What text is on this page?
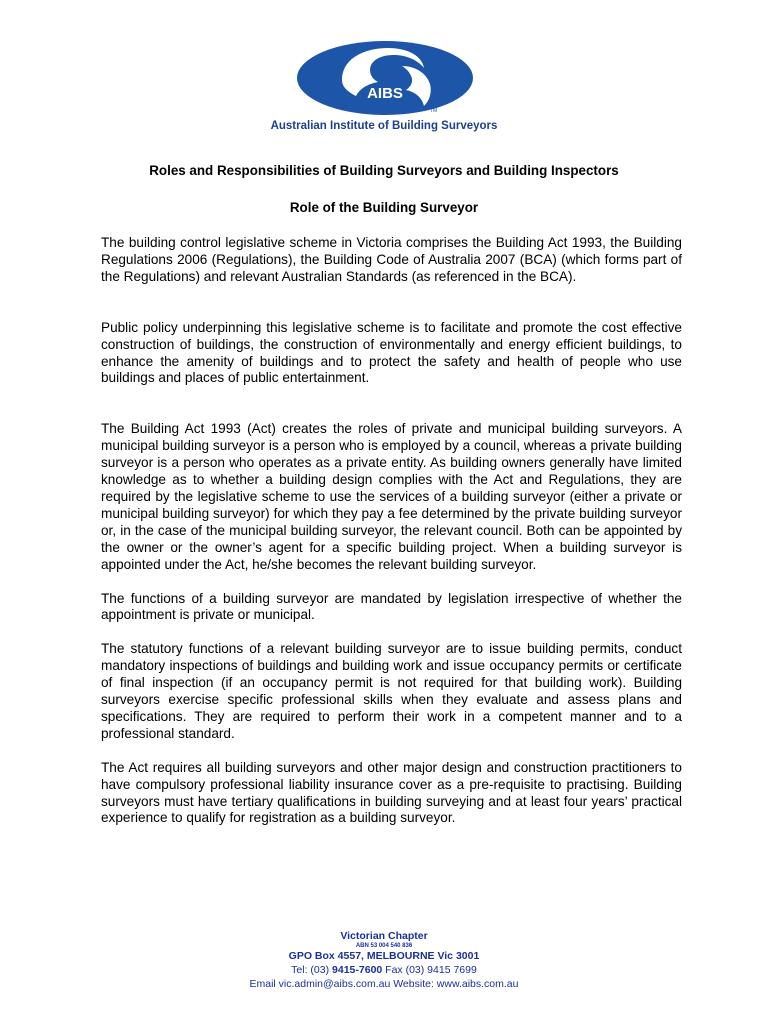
AIBS
TM
Australian Institute of Building Surveyors
Roles and Responsibilities of Building Surveyors and Building Inspectors
Role of the Building Surveyor

The building control legislative scheme in Victoria comprises the Building Act 1993, the Building Regulations 2006 (Regulations), the Building Code of Australia 2007 (BCA) (which forms part of the Regulations) and relevant Australian Standards (as referenced in the BCA).

Public policy underpinning this legislative scheme is to facilitate and promote the cost effective construction of buildings, the construction of environmentally and energy efficient buildings, to enhance the amenity of buildings and to protect the safety and health of people who use buildings and places of public entertainment.

The Building Act 1993 (Act) creates the roles of private and municipal building surveyors. A municipal building surveyor is a person who is employed by a council, whereas a private building surveyor is a person who operates as a private entity. As building owners generally have limited knowledge as to whether a building design complies with the Act and Regulations, they are required by the legislative scheme to use the services of a building surveyor (either a private or municipal building surveyor) for which they pay a fee determined by the private building surveyor or, in the case of the municipal building surveyor, the relevant council. Both can be appointed by the owner or the owner’s agent for a specific building project. When a building surveyor is appointed under the Act, he/she becomes the relevant building surveyor.

The functions of a building surveyor are mandated by legislation irrespective of whether the appointment is private or municipal.

The statutory functions of a relevant building surveyor are to issue building permits, conduct mandatory inspections of buildings and building work and issue occupancy permits or certificate of final inspection (if an occupancy permit is not required for that building work). Building surveyors exercise specific professional skills when they evaluate and assess plans and specifications. They are required to perform their work in a competent manner and to a professional standard.

The Act requires all building surveyors and other major design and construction practitioners to have compulsory professional liability insurance cover as a pre-requisite to practising. Building surveyors must have tertiary qualifications in building surveying and at least four years’ practical experience to qualify for registration as a building surveyor.

Victorian Chapter
ABN 53 004 540 836
GPO Box 4557, MELBOURNE Vic 3001
Tel: (03) 9415-7600 Fax (03) 9415 7699
Email vic.admin@aibs.com.au Website: www.aibs.com.au
